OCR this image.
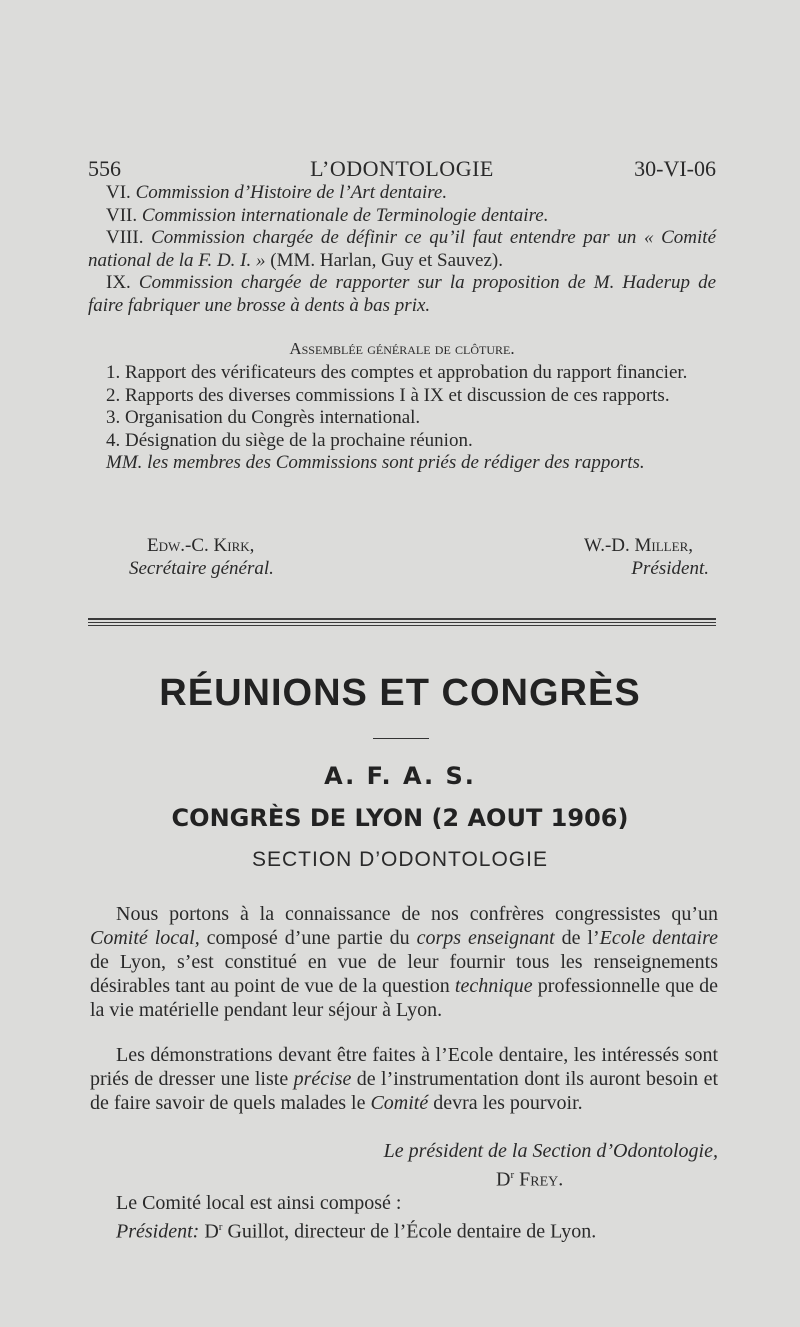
556	L’ODONTOLOGIE	30-VI-06

VI. Commission d’Histoire de l’Art dentaire.

VII. Commission internationale de Terminologie dentaire.

VIII. Commission chargée de définir ce qu’il faut entendre par un « Comité national de la F. D. I. » (MM. Harlan, Guy et Sauvez).

IX. Commission chargée de rapporter sur la proposition de M. Haderup de faire fabriquer une brosse à dents à bas prix.

Assemblée générale de clôture.

1. Rapport des vérificateurs des comptes et approbation du rapport financier.

2. Rapports des diverses commissions I à IX et discussion de ces rapports.

3. Organisation du Congrès international.

4. Désignation du siège de la prochaine réunion.

MM. les membres des Commissions sont priés de rédiger des rapports.

Edw.-C. Kirk,
Secrétaire général.
W.-D. Miller,
Président.
RÉUNIONS ET CONGRÈS
A. F. A. S.
CONGRÈS DE LYON (2 AOUT 1906)
SECTION D’ODONTOLOGIE

Nous portons à la connaissance de nos confrères congressistes qu’un Comité local, composé d’une partie du corps enseignant de l’Ecole dentaire de Lyon, s’est constitué en vue de leur fournir tous les renseignements désirables tant au point de vue de la question technique professionnelle que de la vie matérielle pendant leur séjour à Lyon.

Les démonstrations devant être faites à l’Ecole dentaire, les intéressés sont priés de dresser une liste précise de l’instrumentation dont ils auront besoin et de faire savoir de quels malades le Comité devra les pourvoir.

Le président de la Section d’Odontologie,
$D^r$ Frey.

Le Comité local est ainsi composé :

Président: $D^r$ Guillot, directeur de l’École dentaire de Lyon.
